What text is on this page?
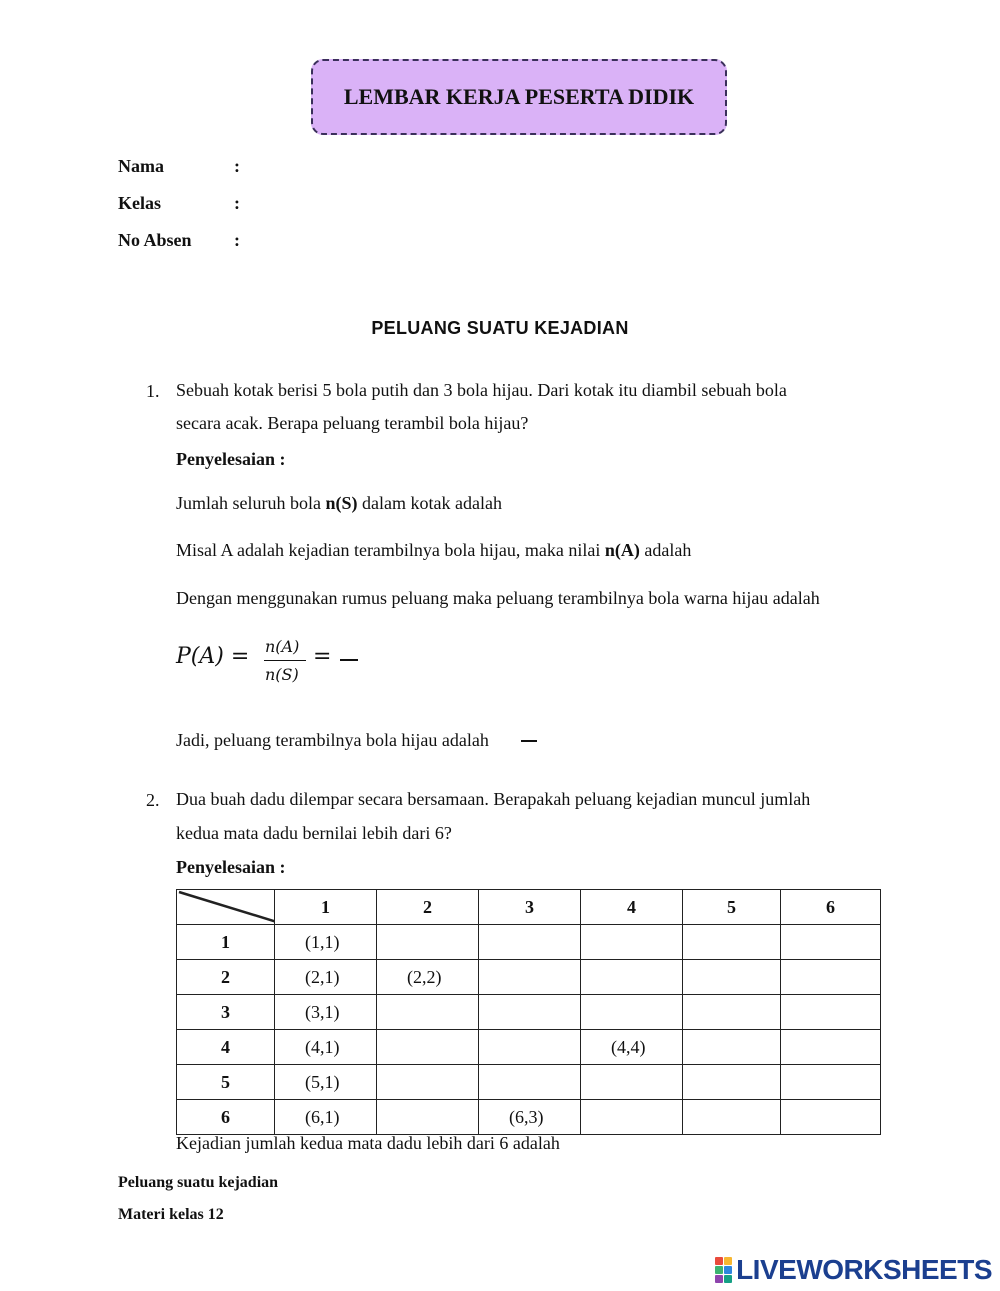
LEMBAR KERJA PESERTA DIDIK
Nama	:
Kelas	:
No Absen :
PELUANG SUATU KEJADIAN
1. Sebuah kotak berisi 5 bola putih dan 3 bola hijau. Dari kotak itu diambil sebuah bola
secara acak. Berapa peluang terambil bola hijau?
Penyelesaian :
Jumlah seluruh bola n(S) dalam kotak adalah
Misal A adalah kejadian terambilnya bola hijau, maka nilai n(A) adalah
Dengan menggunakan rumus peluang maka peluang terambilnya bola warna hijau adalah
P(A) = n(A)
n(S)
=
Jadi, peluang terambilnya bola hijau adalah
2. Dua buah dadu dilempar secara bersamaan. Berapakah peluang kejadian muncul jumlah
kedua mata dadu bernilai lebih dari 6?
Penyelesaian :
	1	2	3	4	5	6
1	(1,1)					
2	(2,1)	(2,2)				
3	(3,1)					
4	(4,1)			(4,4)		
5	(5,1)					
6	(6,1)		(6,3)			
Kejadian jumlah kedua mata dadu lebih dari 6 adalah
Peluang suatu kejadian
Materi kelas 12
LIVEWORKSHEETS
